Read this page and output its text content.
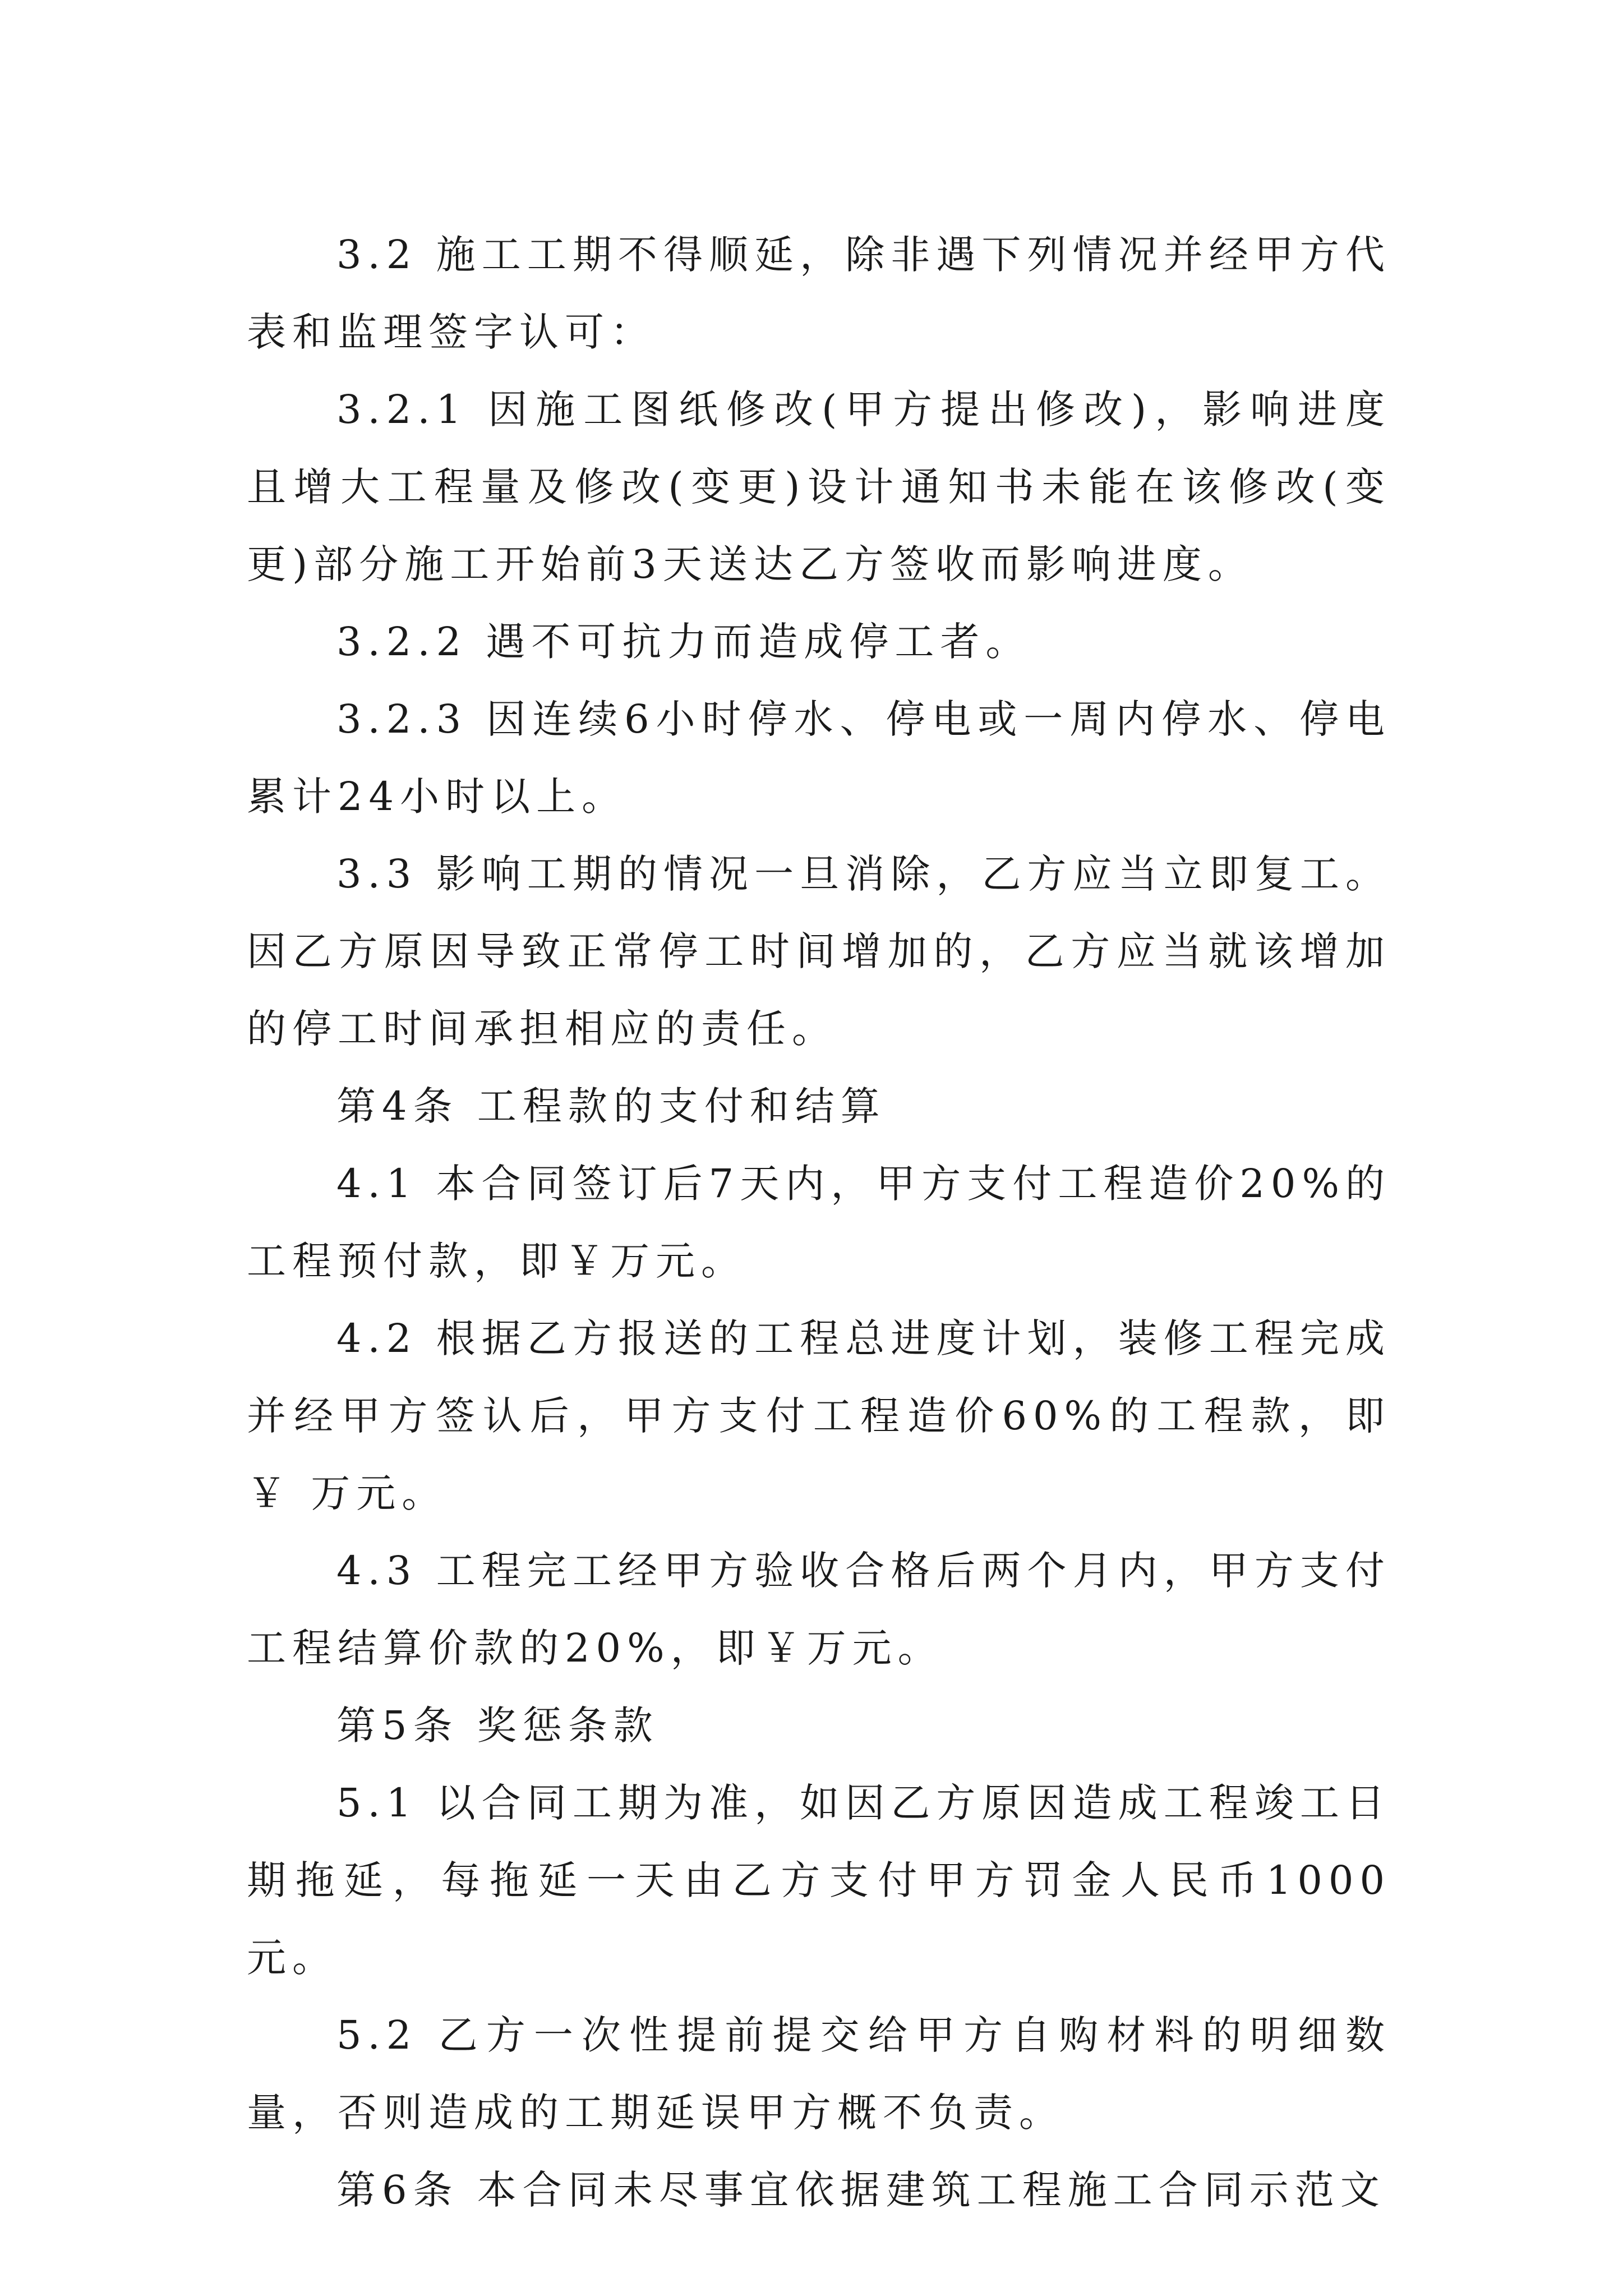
3.2 施工工期不得顺延，除非遇下列情况并经甲方代表和监理签字认可：

3.2.1 因施工图纸修改(甲方提出修改)，影响进度且增大工程量及修改(变更)设计通知书未能在该修改(变更)部分施工开始前3天送达乙方签收而影响进度。

3.2.2 遇不可抗力而造成停工者。

3.2.3 因连续6小时停水、停电或一周内停水、停电累计24小时以上。

3.3 影响工期的情况一旦消除，乙方应当立即复工。因乙方原因导致正常停工时间增加的，乙方应当就该增加的停工时间承担相应的责任。

第4条 工程款的支付和结算

4.1 本合同签订后7天内，甲方支付工程造价20%的工程预付款，即￥万元。

4.2 根据乙方报送的工程总进度计划，装修工程完成并经甲方签认后，甲方支付工程造价60%的工程款，即￥ 万元。

4.3 工程完工经甲方验收合格后两个月内，甲方支付工程结算价款的20%，即￥万元。

第5条 奖惩条款

5.1 以合同工期为准，如因乙方原因造成工程竣工日期拖延，每拖延一天由乙方支付甲方罚金人民币1000元。

5.2 乙方一次性提前提交给甲方自购材料的明细数量，否则造成的工期延误甲方概不负责。

第6条 本合同未尽事宜依据建筑工程施工合同示范文
